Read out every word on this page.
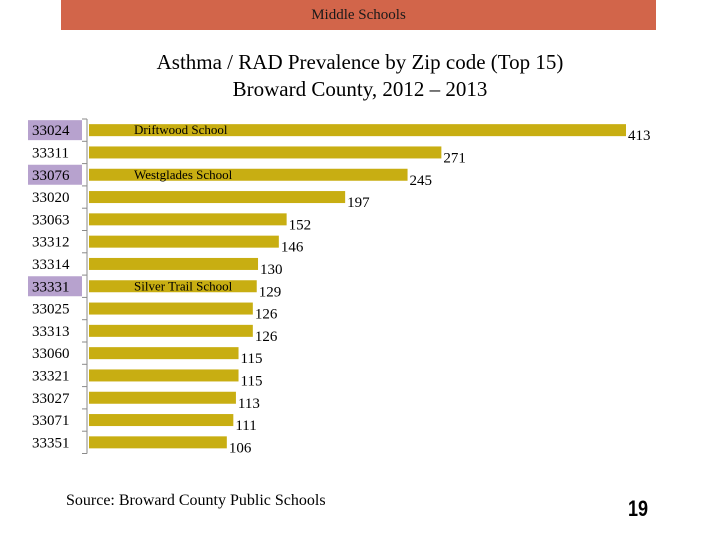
Middle Schools
Asthma / RAD Prevalence by Zip code (Top 15)
Broward County, 2012 – 2013
33024	413
33311	271
33076	245
33020	197
33063	152
33312	146
33314	130
33331	129
33025	126
33313	126
33060	115
33321	115
33027	113
33071	111
33351	106
Driftwood School
Westglades School
Silver Trail School
Source: Broward County Public Schools	19
